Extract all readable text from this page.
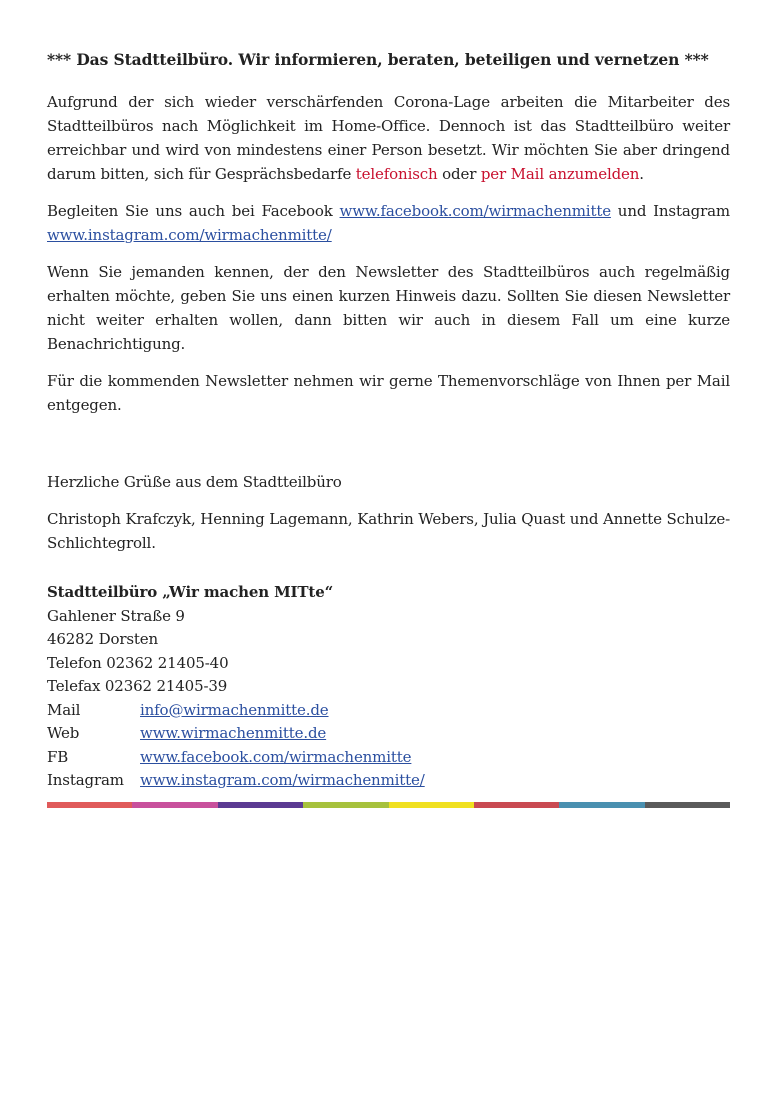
*** Das Stadtteilbüro. Wir informieren, beraten, beteiligen und vernetzen ***

Aufgrund der sich wieder verschärfenden Corona-Lage arbeiten die Mitarbeiter des Stadtteilbüros nach Möglichkeit im Home-Office. Dennoch ist das Stadtteilbüro weiter erreichbar und wird von mindestens einer Person besetzt. Wir möchten Sie aber dringend darum bitten, sich für Gesprächsbedarfe telefonisch oder per Mail anzumelden.

Begleiten Sie uns auch bei Facebook www.facebook.com/wirmachenmitte und Instagram www.instagram.com/wirmachenmitte/

Wenn Sie jemanden kennen, der den Newsletter des Stadtteilbüros auch regelmäßig erhalten möchte, geben Sie uns einen kurzen Hinweis dazu. Sollten Sie diesen Newsletter nicht weiter erhalten wollen, dann bitten wir auch in diesem Fall um eine kurze Benachrichtigung.

Für die kommenden Newsletter nehmen wir gerne Themenvorschläge von Ihnen per Mail entgegen.

Herzliche Grüße aus dem Stadtteilbüro

Christoph Krafczyk, Henning Lagemann, Kathrin Webers, Julia Quast und Annette Schulze-Schlichtegroll.

Stadtteilbüro „Wir machen MITte“
Gahlener Straße 9
46282 Dorsten
Telefon 02362 21405-40
Telefax 02362 21405-39
Mail	info@wirmachenmitte.de
Web	www.wirmachenmitte.de
FB	www.facebook.com/wirmachenmitte
Instagram	www.instagram.com/wirmachenmitte/
